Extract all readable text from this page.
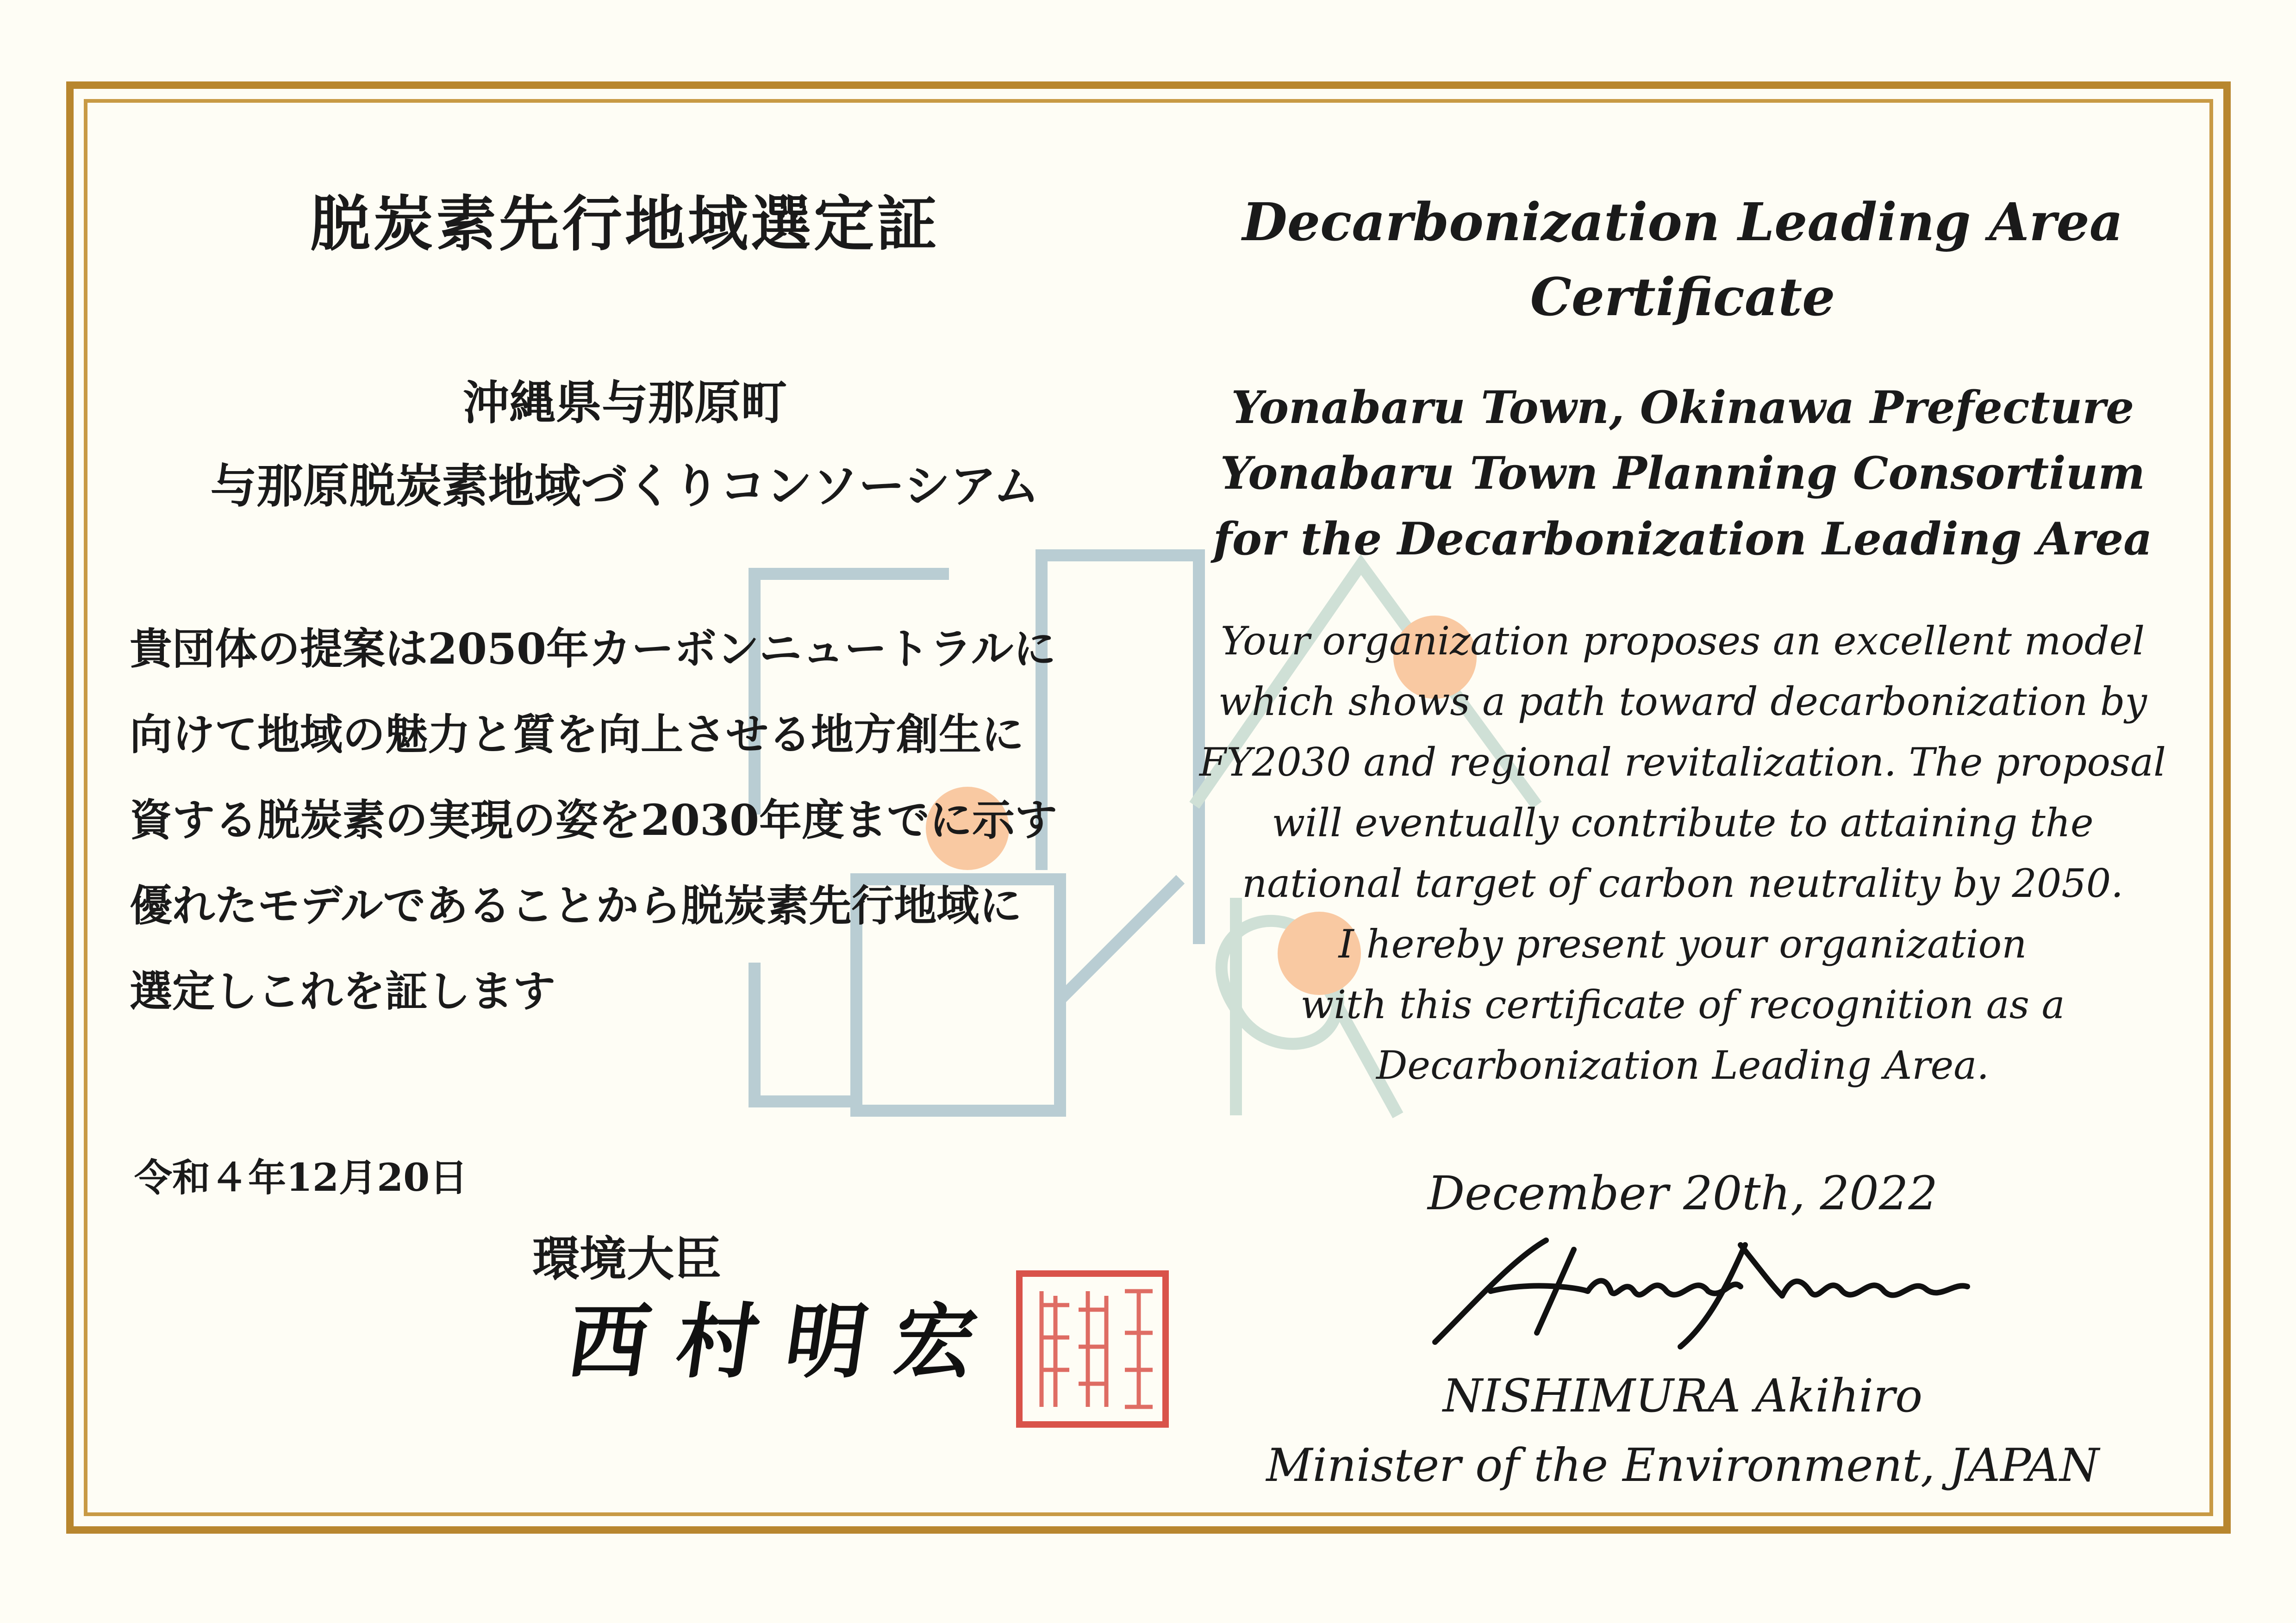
脱炭素先行地域選定証
沖縄県与那原町
与那原脱炭素地域づくりコンソーシアム
貴団体の提案は2050年カーボンニュートラルに
向けて地域の魅力と質を向上させる地方創生に
資する脱炭素の実現の姿を2030年度までに示す
優れたモデルであることから脱炭素先行地域に
選定しこれを証します
令和４年12月20日
環境大臣
西村明宏
Decarbonization Leading Area
Certificate
Yonabaru Town, Okinawa Prefecture
Yonabaru Town Planning Consortium
for the Decarbonization Leading Area
Your organization proposes an excellent model
which shows a path toward decarbonization by
FY2030 and regional revitalization. The proposal
will eventually contribute to attaining the
national target of carbon neutrality by 2050.
I hereby present your organization
with this certificate of recognition as a
Decarbonization Leading Area.
December 20th, 2022
NISHIMURA Akihiro
Minister of the Environment, JAPAN
